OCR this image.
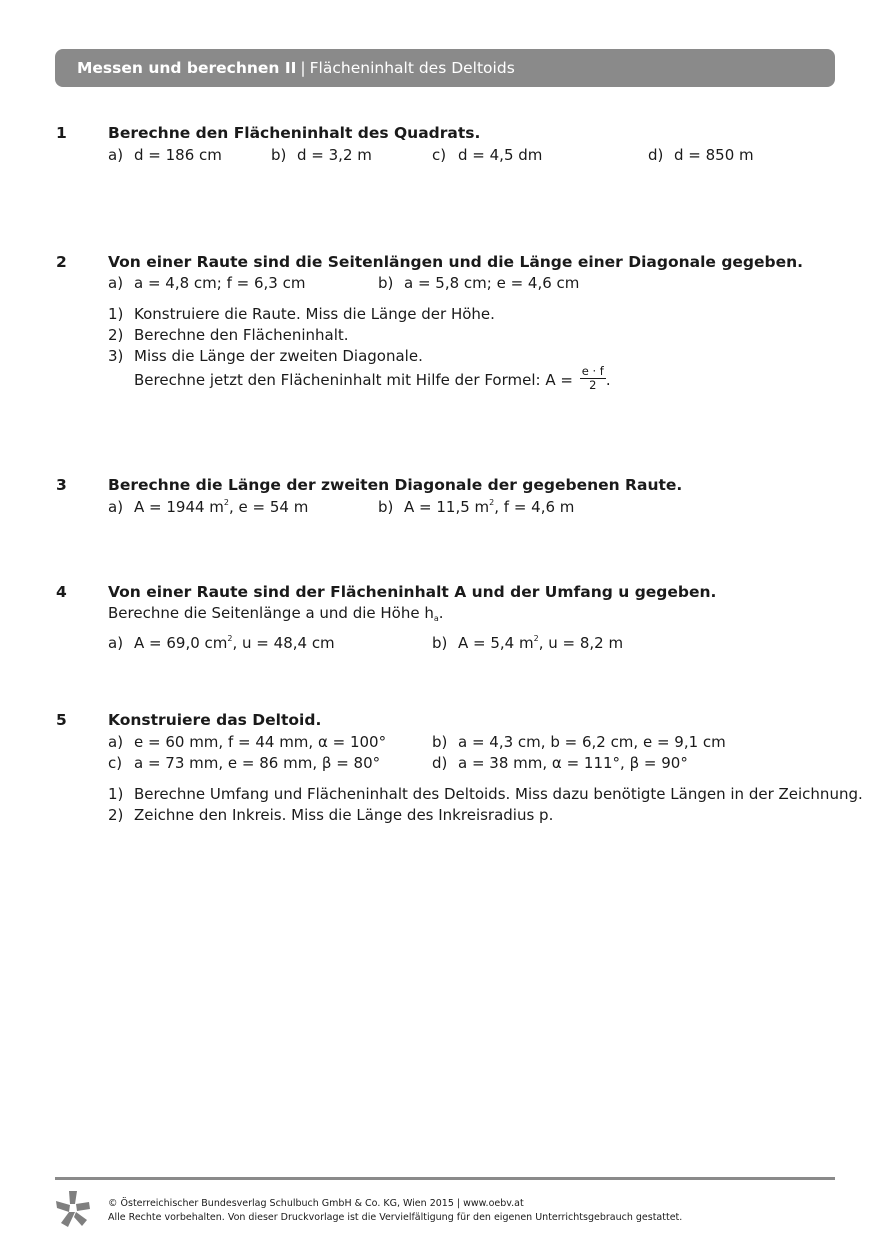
Messen und berechnen II | Flächeninhalt des Deltoids
1	Berechne den Flächeninhalt des Quadrats.
a) d = 186 cm	b) d = 3,2 m	c) d = 4,5 dm	d) d = 850 m
2	Von einer Raute sind die Seitenlängen und die Länge einer Diagonale gegeben.
a) a = 4,8 cm; f = 6,3 cm	b) a = 5,8 cm; e = 4,6 cm
1) Konstruiere die Raute. Miss die Länge der Höhe.
2) Berechne den Flächeninhalt.
3) Miss die Länge der zweiten Diagonale.
Berechne jetzt den Flächeninhalt mit Hilfe der Formel: $A = \frac{e \cdot f}{2}$ .
3	Berechne die Länge der zweiten Diagonale der gegebenen Raute.
a) A = 1944 $m^2$, e = 54 m	b) A = 11,5 $m^2$, f = 4,6 m
4	Von einer Raute sind der Flächeninhalt A und der Umfang u gegeben.
Berechne die Seitenlänge a und die Höhe $h_a$.
a) A = 69,0 $cm^2$, u = 48,4 cm	b) A = 5,4 $m^2$, u = 8,2 m
5	Konstruiere das Deltoid.
a) e = 60 mm, f = 44 mm, α = 100°	b) a = 4,3 cm, b = 6,2 cm, e = 9,1 cm
c) a = 73 mm, e = 86 mm, β = 80°	d) a = 38 mm, α = 111°, β = 90°
1) Berechne Umfang und Flächeninhalt des Deltoids. Miss dazu benötigte Längen in der Zeichnung.
2) Zeichne den Inkreis. Miss die Länge des Inkreisradius p.
© Österreichischer Bundesverlag Schulbuch GmbH & Co. KG, Wien 2015 | www.oebv.at
Alle Rechte vorbehalten. Von dieser Druckvorlage ist die Vervielfältigung für den eigenen Unterrichtsgebrauch gestattet.
